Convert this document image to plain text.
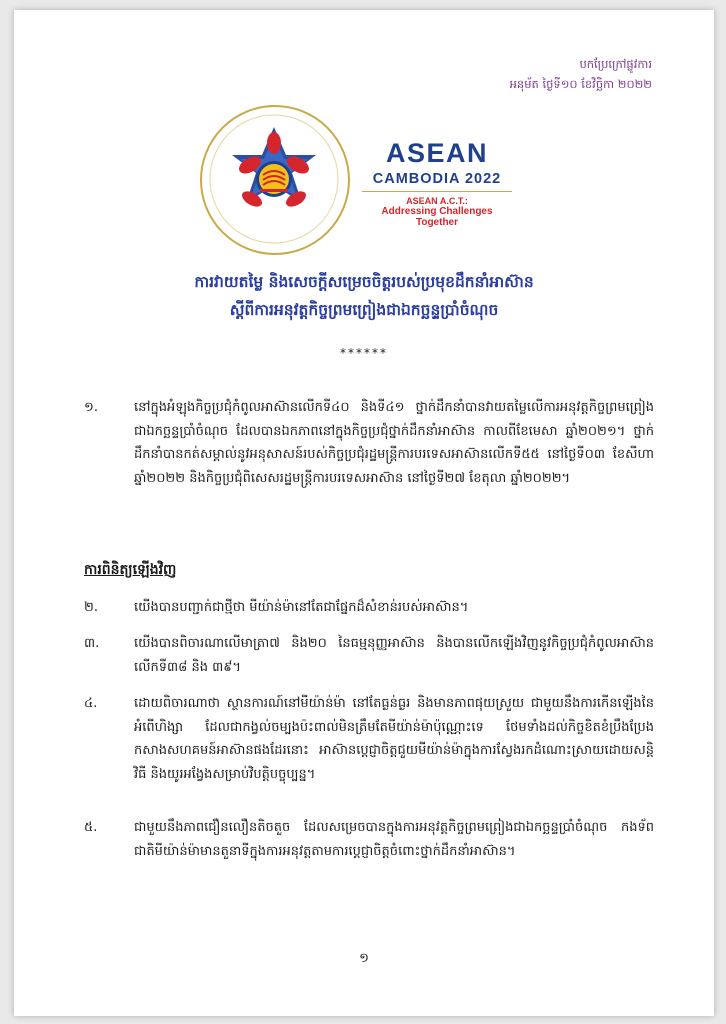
បកប្រែក្រៅផ្លូវការ
អនុម័ត ថ្ងៃទី១០ ខែវិច្ឆិកា ២០២២
ASEAN
CAMBODIA 2022
ASEAN A.C.T.:
Addressing Challenges Together
ការវាយតម្លៃ និងសេចក្តីសម្រេចចិត្តរបស់ប្រមុខដឹកនាំអាស៊ាន
ស្តីពីការអនុវត្តកិច្ចព្រមព្រៀងជាឯកច្ឆន្ទប្រាំចំណុច
******
១.	នៅក្នុងអំឡុងកិច្ចប្រជុំកំពូលអាស៊ានលើកទី៤០ និងទី៤១ ថ្នាក់ដឹកនាំបានវាយតម្លៃលើការអនុវត្តកិច្ចព្រមព្រៀងជាឯកច្ឆន្ទប្រាំចំណុច ដែលបានឯកភាពនៅក្នុងកិច្ចប្រជុំថ្នាក់ដឹកនាំអាស៊ាន កាលពីខែមេសា ឆ្នាំ២០២១។ ថ្នាក់ដឹកនាំបានកត់សម្គាល់នូវអនុសាសន៍របស់កិច្ចប្រជុំរដ្ឋមន្រ្តីការបរទេសអាស៊ានលើកទី៥៥ នៅថ្ងៃទី០៣ ខែសីហា ឆ្នាំ២០២២ និងកិច្ចប្រជុំពិសេសរដ្ឋមន្រ្តីការបរទេសអាស៊ាន នៅថ្ងៃទី២៧ ខែតុលា ឆ្នាំ២០២២។
ការពិនិត្យឡើងវិញ
២.	យើងបានបញ្ជាក់ជាថ្មីថា មីយ៉ាន់ម៉ានៅតែជាផ្នែកដ៏សំខាន់របស់អាស៊ាន។
៣.	យើងបានពិចារណាលើមាត្រា៧ និង២០ នៃធម្មនុញ្ញអាស៊ាន និងបានលើកឡើងវិញនូវកិច្ចប្រជុំកំពូលអាស៊ានលើកទី៣៨ និង ៣៩។
៤.	ដោយពិចារណាថា ស្ថានការណ៍នៅមីយ៉ាន់ម៉ា នៅតែធ្ងន់ធ្ងរ និងមានភាពផុយស្រួយ ជាមួយនឹងការកើនឡើងនៃអំពើហិង្សា ដែលជាកង្វល់ចម្បងប៉ះពាល់មិនត្រឹមតែមីយ៉ាន់ម៉ាប៉ុណ្ណោះទេ ថែមទាំងដល់កិច្ចខិតខំប្រឹងប្រែងកសាងសហគមន៍អាស៊ានផងដែរនោះ អាស៊ានប្តេជ្ញាចិត្តជួយមីយ៉ាន់ម៉ាក្នុងការស្វែងរកដំណោះស្រាយដោយសន្តិវិធី និងយូរអង្វែងសម្រាប់វិបត្តិបច្ចុប្បន្ន។
៥.	ជាមួយនឹងភាពជឿនលឿនតិចតួច ដែលសម្រេចបានក្នុងការអនុវត្តកិច្ចព្រមព្រៀងជាឯកច្ឆន្ទប្រាំចំណុច កងទ័ពជាតិមីយ៉ាន់ម៉ាមានតួនាទីក្នុងការអនុវត្តតាមការប្តេជ្ញាចិត្តចំពោះថ្នាក់ដឹកនាំអាស៊ាន។
១
